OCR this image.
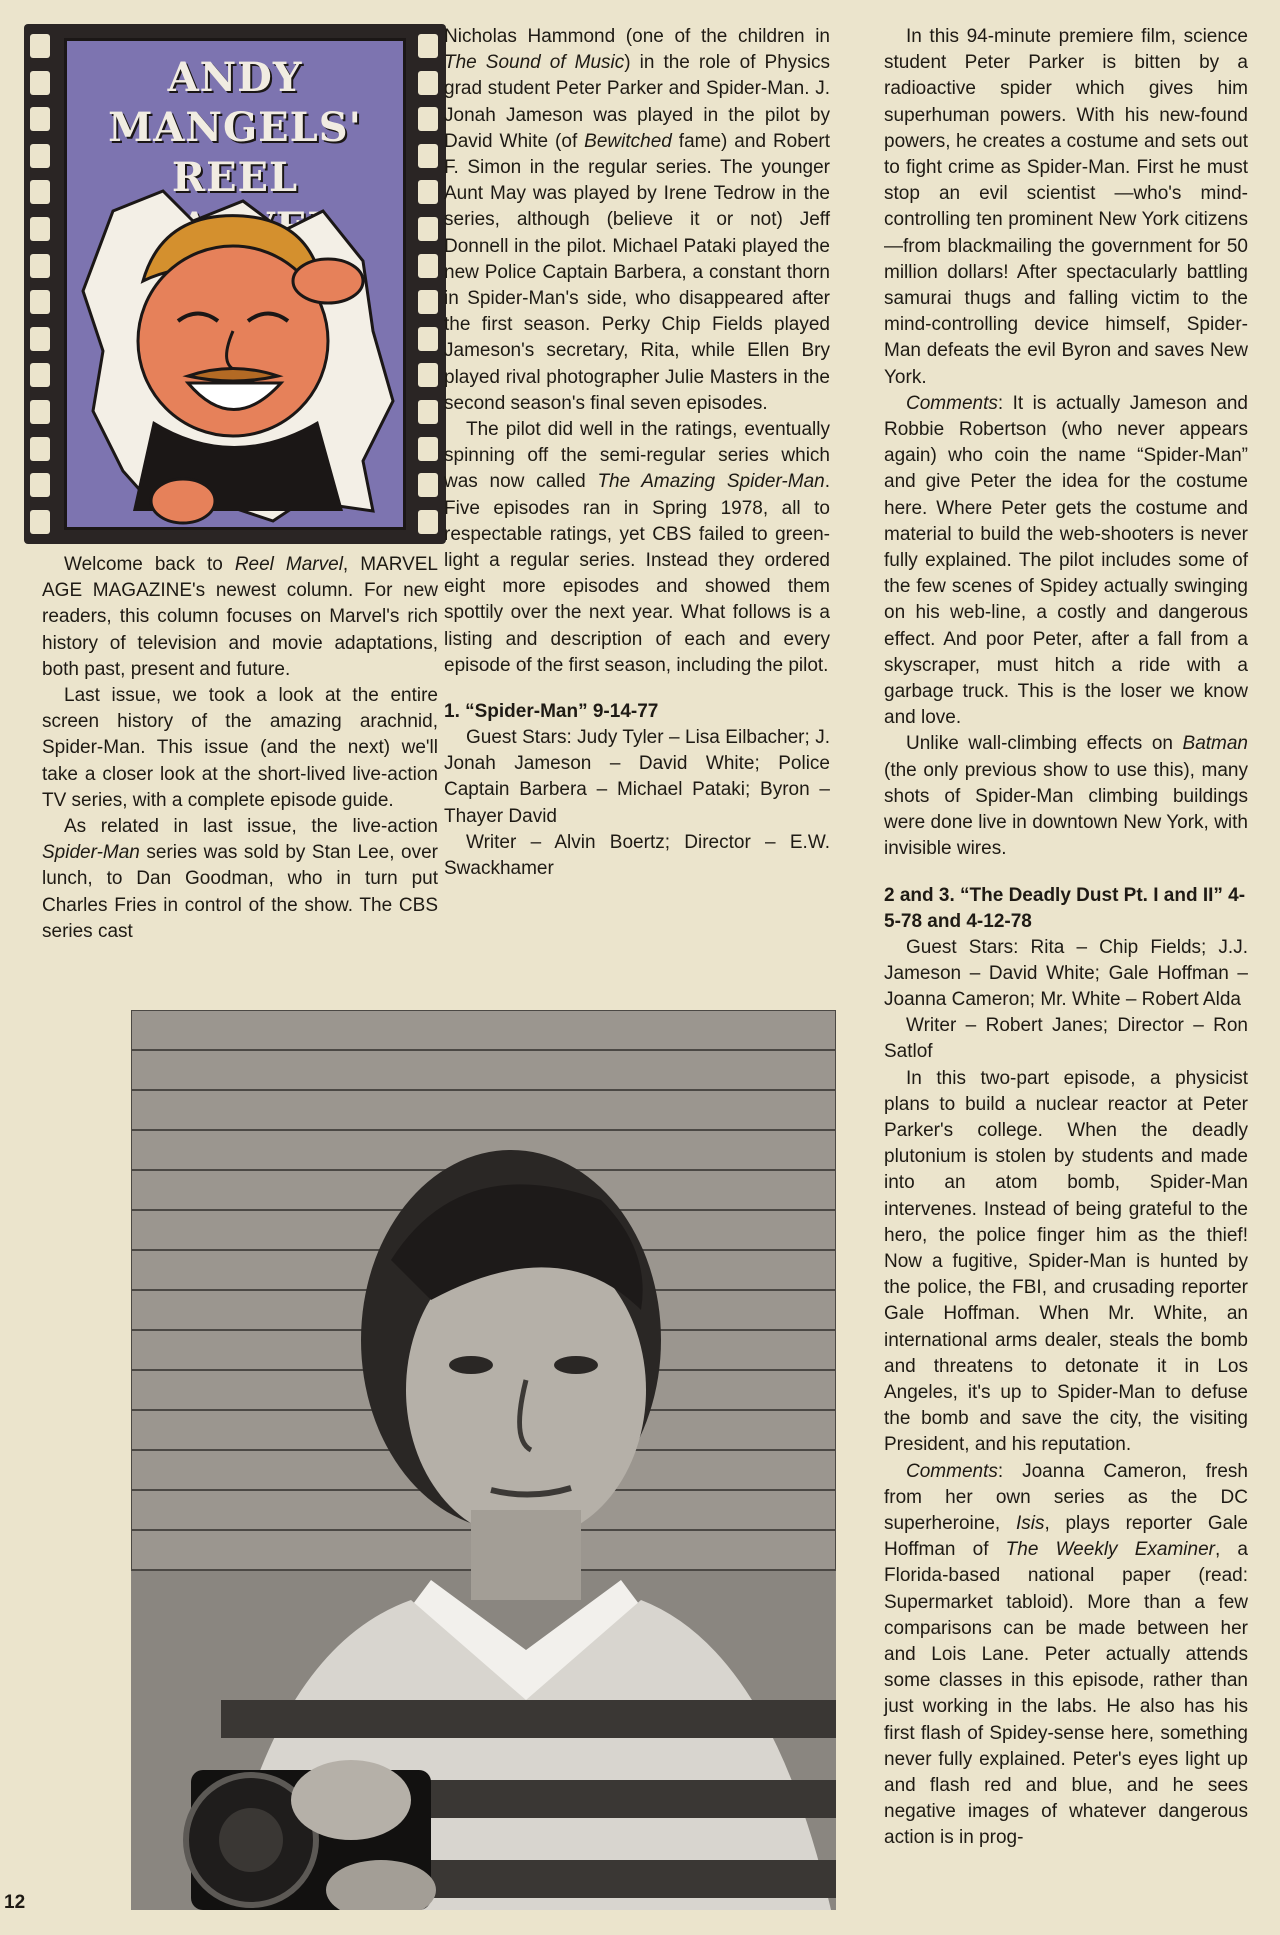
ANDY MANGELS'
REEL

Welcome back to Reel Marvel, MARVEL AGE MAGAZINE's newest column. For new readers, this column focuses on Marvel's rich history of television and movie adaptations, both past, present and future.

Last issue, we took a look at the entire screen history of the amazing arachnid, Spider-Man. This issue (and the next) we'll take a closer look at the short-lived live-action TV series, with a complete episode guide.

As related in last issue, the live-action Spider-Man series was sold by Stan Lee, over lunch, to Dan Goodman, who in turn put Charles Fries in control of the show. The CBS series cast

Nicholas Hammond (one of the children in The Sound of Music) in the role of Physics grad student Peter Parker and Spider-Man. J. Jonah Jameson was played in the pilot by David White (of Bewitched fame) and Robert F. Simon in the regular series. The younger Aunt May was played by Irene Tedrow in the series, although (believe it or not) Jeff Donnell in the pilot. Michael Pataki played the new Police Captain Barbera, a constant thorn in Spider-Man's side, who disappeared after the first season. Perky Chip Fields played Jameson's secretary, Rita, while Ellen Bry played rival photographer Julie Masters in the second season's final seven episodes.

The pilot did well in the ratings, eventually spinning off the semi-regular series which was now called The Amazing Spider-Man. Five episodes ran in Spring 1978, all to respectable ratings, yet CBS failed to green-light a regular series. Instead they ordered eight more episodes and showed them spottily over the next year. What follows is a listing and description of each and every episode of the first season, including the pilot.

1. “Spider-Man” 9-14-77

Guest Stars: Judy Tyler – Lisa Eilbacher; J. Jonah Jameson – David White; Police Captain Barbera – Michael Pataki; Byron – Thayer David

Writer – Alvin Boertz; Director – E.W. Swackhamer

In this 94-minute premiere film, science student Peter Parker is bitten by a radioactive spider which gives him superhuman powers. With his new-found powers, he creates a costume and sets out to fight crime as Spider-Man. First he must stop an evil scientist —who's mind-controlling ten prominent New York citizens—from blackmailing the government for 50 million dollars! After spectacularly battling samurai thugs and falling victim to the mind-controlling device himself, Spider-Man defeats the evil Byron and saves New York.

Comments: It is actually Jameson and Robbie Robertson (who never appears again) who coin the name “Spider-Man” and give Peter the idea for the costume here. Where Peter gets the costume and material to build the web-shooters is never fully explained. The pilot includes some of the few scenes of Spidey actually swinging on his web-line, a costly and dangerous effect. And poor Peter, after a fall from a skyscraper, must hitch a ride with a garbage truck. This is the loser we know and love.

Unlike wall-climbing effects on Batman (the only previous show to use this), many shots of Spider-Man climbing buildings were done live in downtown New York, with invisible wires.

2 and 3. “The Deadly Dust Pt. I and II” 4-5-78 and 4-12-78

Guest Stars: Rita – Chip Fields; J.J. Jameson – David White; Gale Hoffman – Joanna Cameron; Mr. White – Robert Alda

Writer – Robert Janes; Director – Ron Satlof

In this two-part episode, a physicist plans to build a nuclear reactor at Peter Parker's college. When the deadly plutonium is stolen by students and made into an atom bomb, Spider-Man intervenes. Instead of being grateful to the hero, the police finger him as the thief! Now a fugitive, Spider-Man is hunted by the police, the FBI, and crusading reporter Gale Hoffman. When Mr. White, an international arms dealer, steals the bomb and threatens to detonate it in Los Angeles, it's up to Spider-Man to defuse the bomb and save the city, the visiting President, and his reputation.

Comments: Joanna Cameron, fresh from her own series as the DC superheroine, Isis, plays reporter Gale Hoffman of The Weekly Examiner, a Florida-based national paper (read: Supermarket tabloid). More than a few comparisons can be made between her and Lois Lane. Peter actually attends some classes in this episode, rather than just working in the labs. He also has his first flash of Spidey-sense here, something never fully explained. Peter's eyes light up and flash red and blue, and he sees negative images of whatever dangerous action is in prog-

12
